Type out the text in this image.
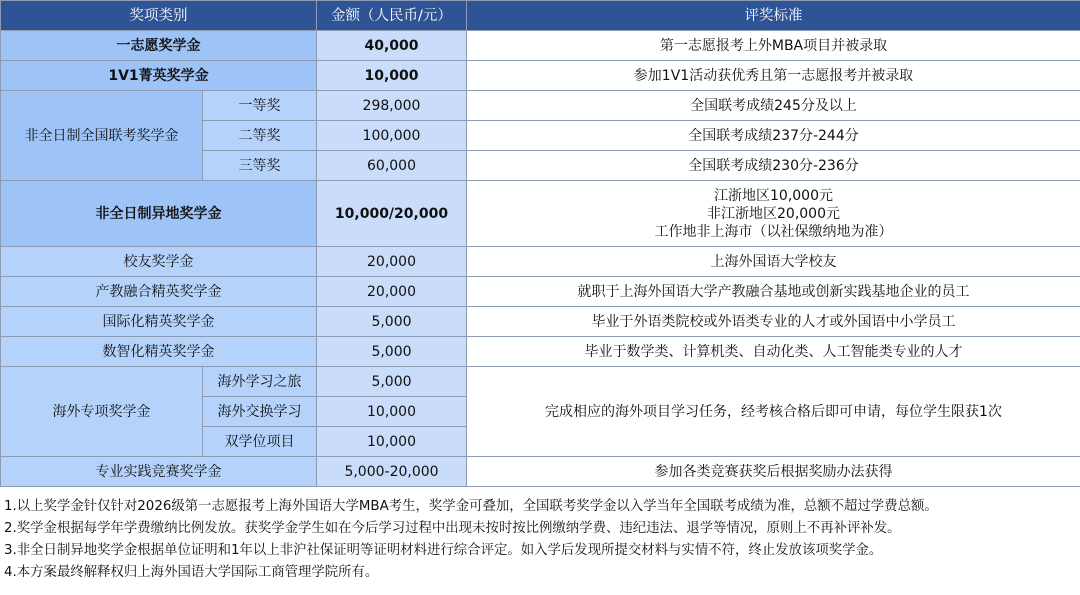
奖项类别		金额（人民币/元）	评奖标准
一志愿奖学金		40,000	第一志愿报考上外MBA项目并被录取
1V1菁英奖学金		10,000	参加1V1活动获优秀且第一志愿报考并被录取
非全日制全国联考奖学金	一等奖	298,000	全国联考成绩245分及以上
	二等奖	100,000	全国联考成绩237分-244分
	三等奖	60,000	全国联考成绩230分-236分
非全日制异地奖学金		10,000/20,000	江浙地区10,000元
非江浙地区20,000元
工作地非上海市（以社保缴纳地为准）

校友奖学金		20,000	上海外国语大学校友
产教融合精英奖学金		20,000	就职于上海外国语大学产教融合基地或创新实践基地企业的员工
国际化精英奖学金		5,000	毕业于外语类院校或外语类专业的人才或外国语中小学员工
数智化精英奖学金		5,000	毕业于数学类、计算机类、自动化类、人工智能类专业的人才
海外专项奖学金	海外学习之旅	5,000	完成相应的海外项目学习任务，经考核合格后即可申请，每位学生限获1次
	海外交换学习	10,000	
	双学位项目	10,000	
专业实践竞赛奖学金		5,000-20,000	参加各类竞赛获奖后根据奖励办法获得

1.以上奖学金针仅针对2026级第一志愿报考上海外国语大学MBA考生，奖学金可叠加，全国联考奖学金以入学当年全国联考成绩为准，总额不超过学费总额。

2.奖学金根据每学年学费缴纳比例发放。获奖学金学生如在今后学习过程中出现未按时按比例缴纳学费、违纪违法、退学等情况，原则上不再补评补发。

3.非全日制异地奖学金根据单位证明和1年以上非沪社保证明等证明材料进行综合评定。如入学后发现所提交材料与实情不符，终止发放该项奖学金。

4.本方案最终解释权归上海外国语大学国际工商管理学院所有。
